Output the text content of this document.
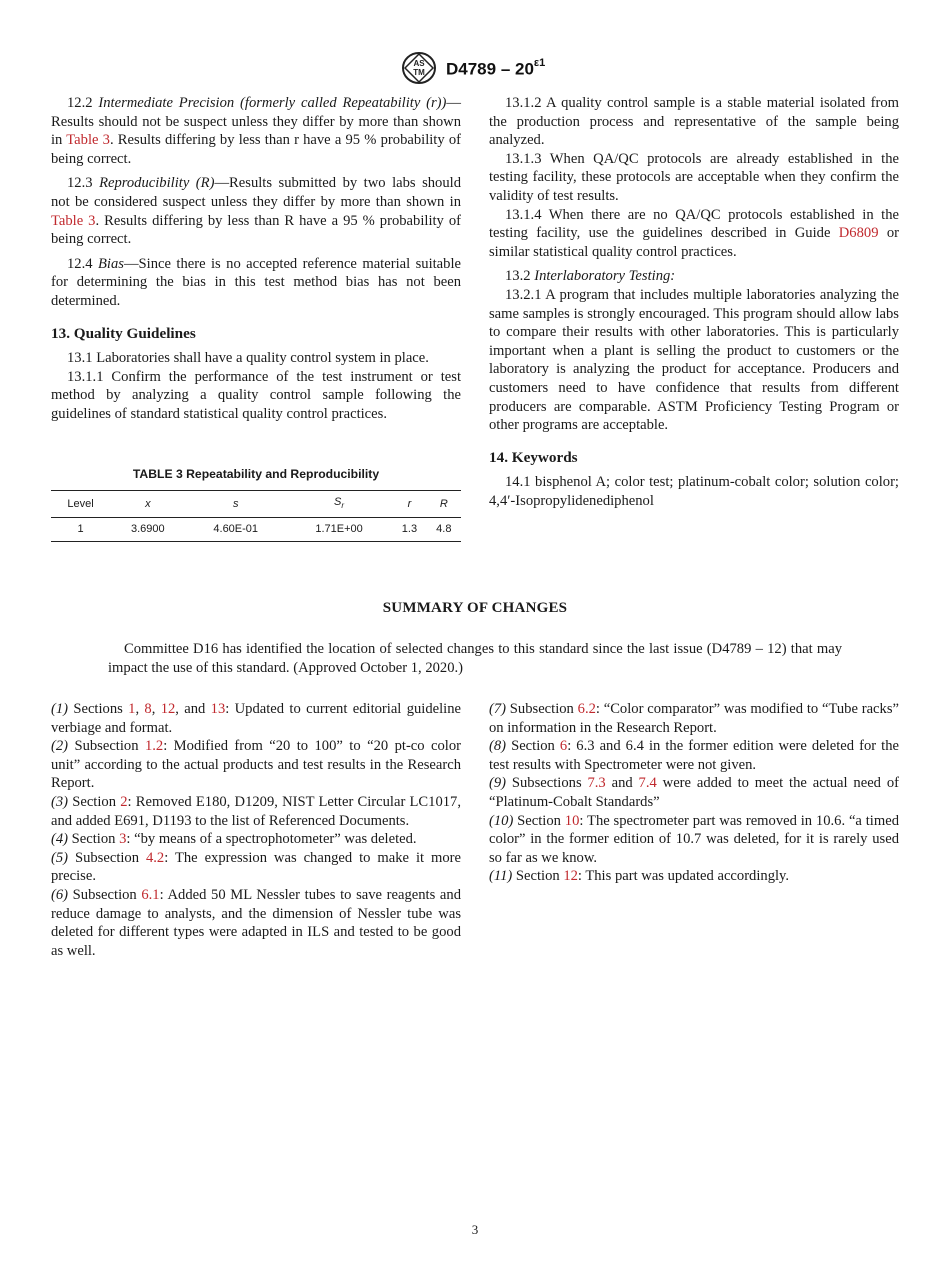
AS
TM $D4789 - 20^{\varepsilon 1}$

12.2 Intermediate Precision (formerly called Repeatability (r))—Results should not be suspect unless they differ by more than shown in Table 3. Results differing by less than r have a 95 % probability of being correct.

12.3 Reproducibility (R)—Results submitted by two labs should not be considered suspect unless they differ by more than shown in Table 3. Results differing by less than R have a 95 % probability of being correct.

12.4 Bias—Since there is no accepted reference material suitable for determining the bias in this test method bias has not been determined.

13. Quality Guidelines

13.1 Laboratories shall have a quality control system in place.

13.1.1 Confirm the performance of the test instrument or test method by analyzing a quality control sample following the guidelines of standard statistical quality control practices.

TABLE 3 Repeatability and Reproducibility
Level	x	s	$S_r$	r	R
1	3.6900	4.60E-01	1.71E+00	1.3	4.8

13.1.2 A quality control sample is a stable material isolated from the production process and representative of the sample being analyzed.

13.1.3 When QA/QC protocols are already established in the testing facility, these protocols are acceptable when they confirm the validity of test results.

13.1.4 When there are no QA/QC protocols established in the testing facility, use the guidelines described in Guide D6809 or similar statistical quality control practices.

13.2 Interlaboratory Testing:

13.2.1 A program that includes multiple laboratories analyzing the same samples is strongly encouraged. This program should allow labs to compare their results with other laboratories. This is particularly important when a plant is selling the product to customers or the laboratory is analyzing the product for acceptance. Producers and customers need to have confidence that results from different producers are comparable. ASTM Proficiency Testing Program or other programs are acceptable.

14. Keywords

14.1 bisphenol A; color test; platinum-cobalt color; solution color; 4,4′-Isopropylidenediphenol

SUMMARY OF CHANGES
Committee D16 has identified the location of selected changes to this standard since the last issue (D4789 – 12) that may impact the use of this standard. (Approved October 1, 2020.)

(1) Sections 1, 8, 12, and 13: Updated to current editorial guideline verbiage and format.

(2) Subsection 1.2: Modified from “20 to 100” to “20 pt-co color unit” according to the actual products and test results in the Research Report.

(3) Section 2: Removed E180, D1209, NIST Letter Circular LC1017, and added E691, D1193 to the list of Referenced Documents.

(4) Section 3: “by means of a spectrophotometer” was deleted.

(5) Subsection 4.2: The expression was changed to make it more precise.

(6) Subsection 6.1: Added 50 ML Nessler tubes to save reagents and reduce damage to analysts, and the dimension of Nessler tube was deleted for different types were adapted in ILS and tested to be good as well.

(7) Subsection 6.2: “Color comparator” was modified to “Tube racks” on information in the Research Report.

(8) Section 6: 6.3 and 6.4 in the former edition were deleted for the test results with Spectrometer were not given.

(9) Subsections 7.3 and 7.4 were added to meet the actual need of “Platinum-Cobalt Standards”

(10) Section 10: The spectrometer part was removed in 10.6. “a timed color” in the former edition of 10.7 was deleted, for it is rarely used so far as we know.

(11) Section 12: This part was updated accordingly.

3
